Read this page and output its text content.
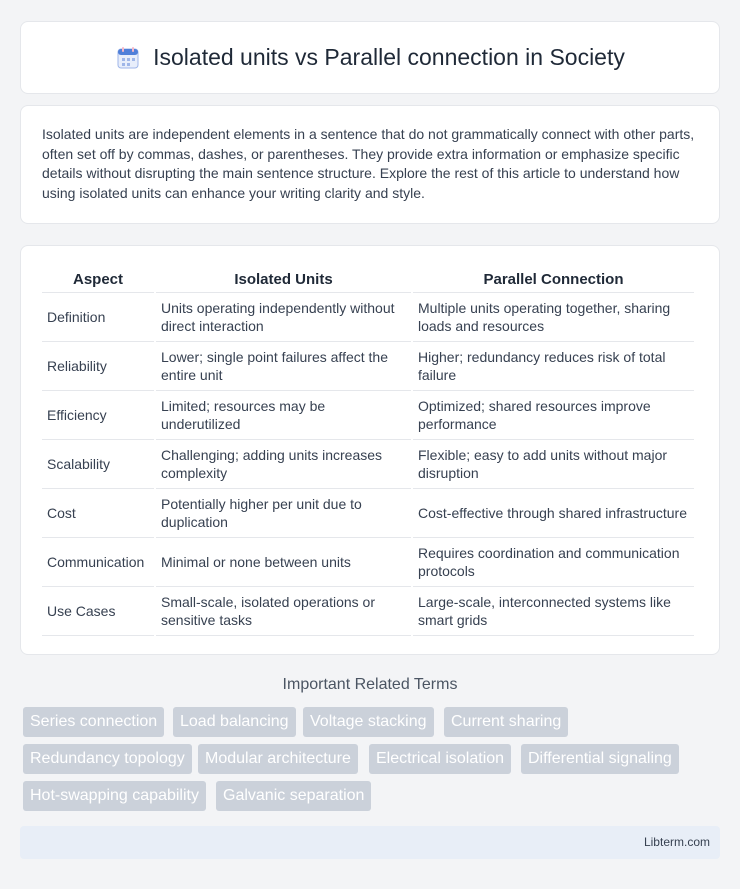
Isolated units vs Parallel connection in Society

Isolated units are independent elements in a sentence that do not grammatically connect with other parts, often set off by commas, dashes, or parentheses. They provide extra information or emphasize specific details without disrupting the main sentence structure. Explore the rest of this article to understand how using isolated units can enhance your writing clarity and style.

Aspect	Isolated Units	Parallel Connection
Definition	Units operating independently without direct interaction	Multiple units operating together, sharing loads and resources
Reliability	Lower; single point failures affect the entire unit	Higher; redundancy reduces risk of total failure
Efficiency	Limited; resources may be underutilized	Optimized; shared resources improve performance
Scalability	Challenging; adding units increases complexity	Flexible; easy to add units without major disruption
Cost	Potentially higher per unit due to duplication	Cost-effective through shared infrastructure
Communication	Minimal or none between units	Requires coordination and communication protocols
Use Cases	Small-scale, isolated operations or sensitive tasks	Large-scale, interconnected systems like smart grids
Important Related Terms
Series connection	Load balancing	Voltage stacking	Current sharing
Redundancy topology	Modular architecture	Electrical isolation	Differential signaling
Hot-swapping capability	Galvanic separation
Libterm.com
